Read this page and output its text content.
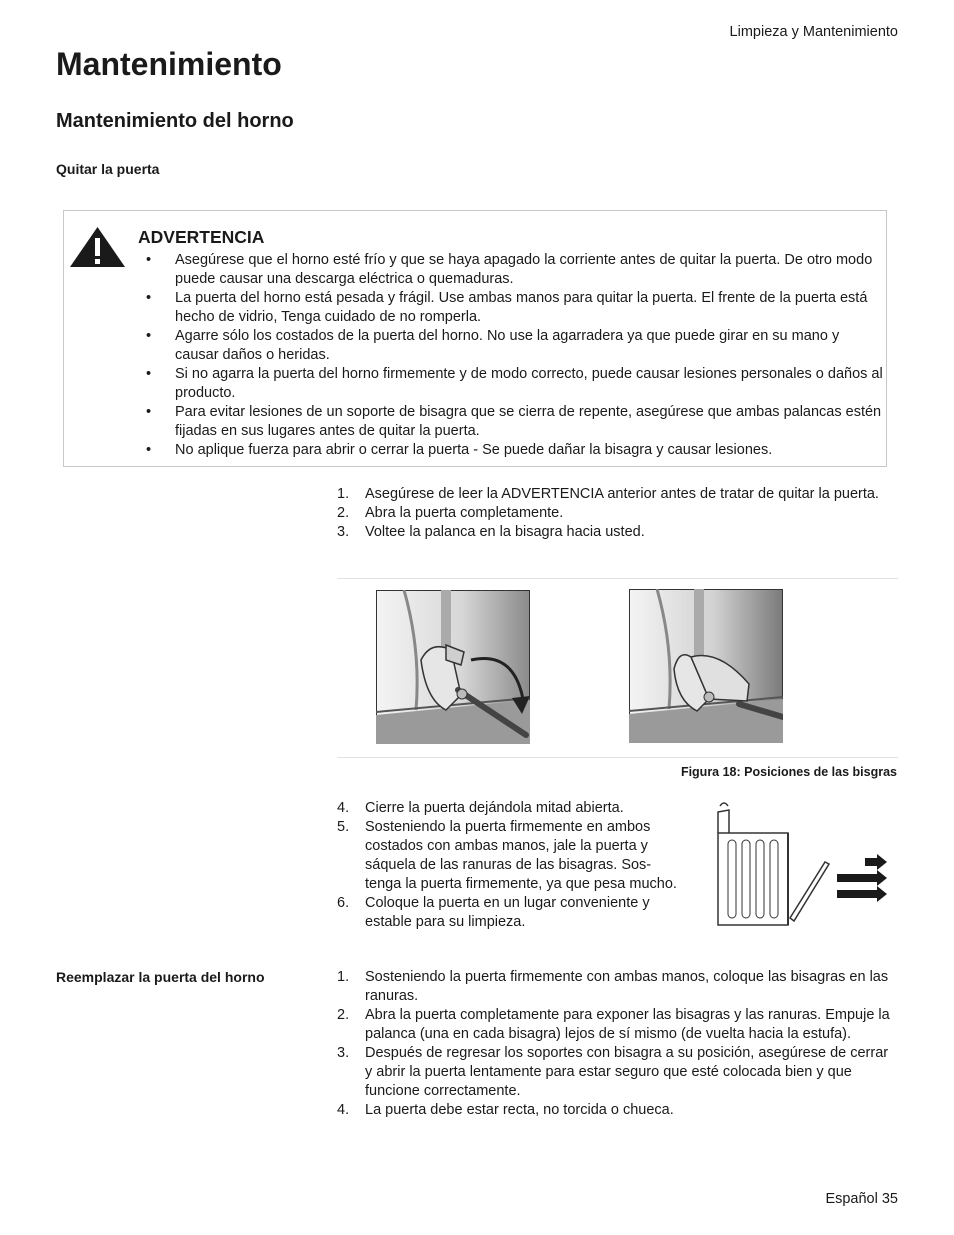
Limpieza y Mantenimiento
Mantenimiento
Mantenimiento del horno
Quitar la puerta
ADVERTENCIA
• Asegúrese que el horno esté frío y que se haya apagado la corriente antes de quitar la puerta. De otro modo puede causar una descarga eléctrica o quemaduras.
• La puerta del horno está pesada y frágil. Use ambas manos para quitar la puerta. El frente de la puerta está hecho de vidrio, Tenga cuidado de no romperla.
• Agarre sólo los costados de la puerta del horno. No use la agarradera ya que puede girar en su mano y causar daños o heridas.
• Si no agarra la puerta del horno firmemente y de modo correcto, puede causar lesiones personales o daños al producto.
• Para evitar lesiones de un soporte de bisagra que se cierra de repente, asegúrese que ambas palancas estén fijadas en sus lugares antes de quitar la puerta.
• No aplique fuerza para abrir o cerrar la puerta - Se puede dañar la bisagra y causar lesiones.
1. Asegúrese de leer la ADVERTENCIA anterior antes de tratar de quitar la puerta.
2. Abra la puerta completamente.
3. Voltee la palanca en la bisagra hacia usted.
Figura 18: Posiciones de las bisgras
4. Cierre la puerta dejándola mitad abierta.
5. Sosteniendo la puerta firmemente en ambos costados con ambas manos, jale la puerta y sáquela de las ranuras de las bisagras. Sos-tenga la puerta firmemente, ya que pesa mucho.
6. Coloque la puerta en un lugar conveniente y estable para su limpieza.
Reemplazar la puerta del horno	1. Sosteniendo la puerta firmemente con ambas manos, coloque las bisagras en las ranuras.
2. Abra la puerta completamente para exponer las bisagras y las ranuras. Empuje la palanca (una en cada bisagra) lejos de sí mismo (de vuelta hacia la estufa).
3. Después de regresar los soportes con bisagra a su posición, asegúrese de cerrar y abrir la puerta lentamente para estar seguro que esté colocada bien y que funcione correctamente.
4. La puerta debe estar recta, no torcida o chueca.
Español 35
